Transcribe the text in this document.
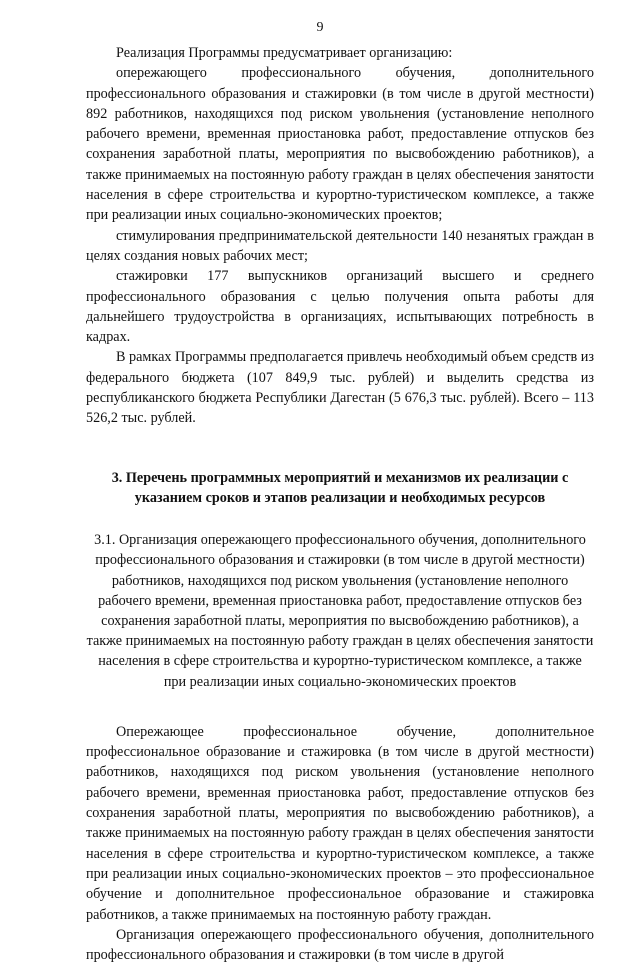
9

Реализация Программы предусматривает организацию:

опережающего профессионального обучения, дополнительного профессионального образования и стажировки (в том числе в другой местности) 892 работников, находящихся под риском увольнения (установление неполного рабочего времени, временная приостановка работ, предоставление отпусков без сохранения заработной платы, мероприятия по высвобождению работников), а также принимаемых на постоянную работу граждан в целях обеспечения занятости населения в сфере строительства и курортно-туристическом комплексе, а также при реализации иных социально-экономических проектов;

стимулирования предпринимательской деятельности 140 незанятых граждан в целях создания новых рабочих мест;

стажировки 177 выпускников организаций высшего и среднего профессионального образования с целью получения опыта работы для дальнейшего трудоустройства в организациях, испытывающих потребность в кадрах.

В рамках Программы предполагается привлечь необходимый объем средств из федерального бюджета (107 849,9 тыс. рублей) и выделить средства из республиканского бюджета Республики Дагестан (5 676,3 тыс. рублей). Всего – 113 526,2 тыс. рублей.

3. Перечень программных мероприятий и механизмов их реализации с указанием сроков и этапов реализации и необходимых ресурсов

3.1. Организация опережающего профессионального обучения, дополнительного профессионального образования и стажировки (в том числе в другой местности) работников, находящихся под риском увольнения (установление неполного рабочего времени, временная приостановка работ, предоставление отпусков без сохранения заработной платы, мероприятия по высвобождению работников), а также принимаемых на постоянную работу граждан в целях обеспечения занятости населения в сфере строительства и курортно-туристическом комплексе, а также при реализации иных социально-экономических проектов

Опережающее профессиональное обучение, дополнительное профессиональное образование и стажировка (в том числе в другой местности) работников, находящихся под риском увольнения (установление неполного рабочего времени, временная приостановка работ, предоставление отпусков без сохранения заработной платы, мероприятия по высвобождению работников), а также принимаемых на постоянную работу граждан в целях обеспечения занятости населения в сфере строительства и курортно-туристическом комплексе, а также при реализации иных социально-экономических проектов – это профессиональное обучение и дополнительное профессиональное образование и стажировка работников, а также принимаемых на постоянную работу граждан.

Организация опережающего профессионального обучения, дополнительного профессионального образования и стажировки (в том числе в другой
